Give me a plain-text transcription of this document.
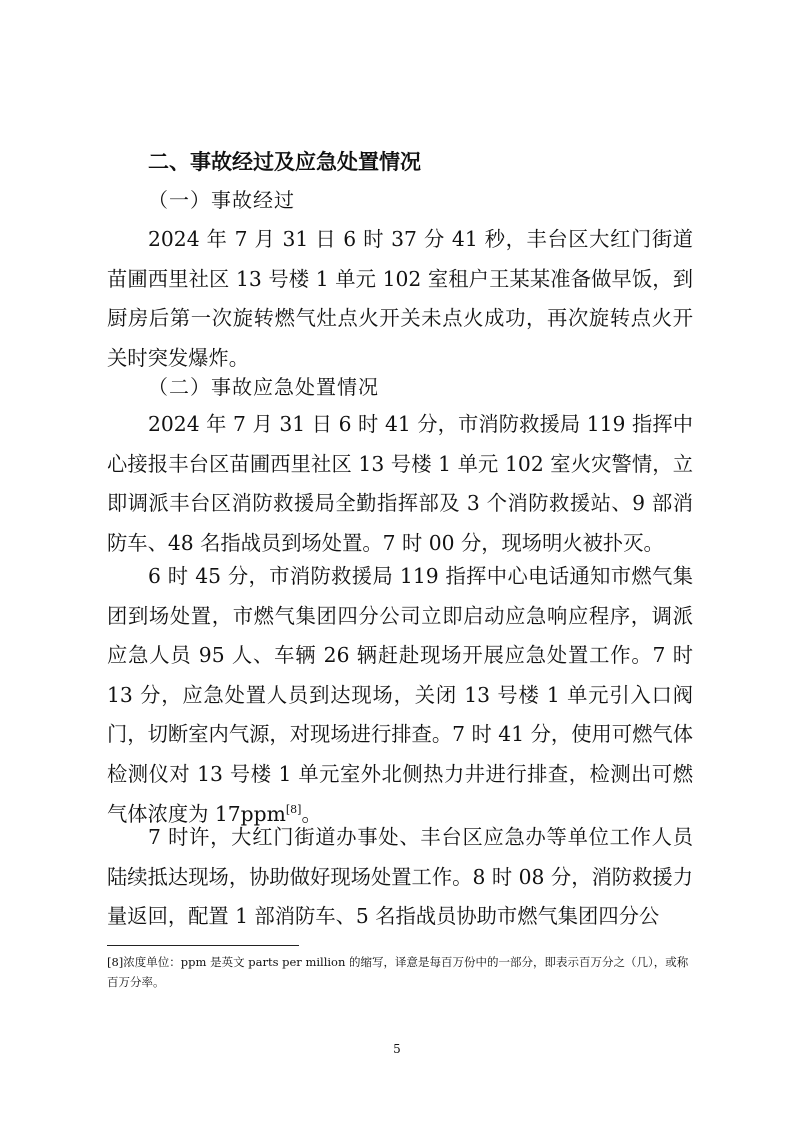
二、事故经过及应急处置情况
（一）事故经过

2024 年 7 月 31 日 6 时 37 分 41 秒，丰台区大红门街道苗圃西里社区 13 号楼 1 单元 102 室租户王某某准备做早饭，到厨房后第一次旋转燃气灶点火开关未点火成功，再次旋转点火开关时突发爆炸。

（二）事故应急处置情况

2024 年 7 月 31 日 6 时 41 分，市消防救援局 119 指挥中心接报丰台区苗圃西里社区 13 号楼 1 单元 102 室火灾警情，立即调派丰台区消防救援局全勤指挥部及 3 个消防救援站、9 部消防车、48 名指战员到场处置。7 时 00 分，现场明火被扑灭。

6 时 45 分，市消防救援局 119 指挥中心电话通知市燃气集团到场处置，市燃气集团四分公司立即启动应急响应程序，调派应急人员 95 人、车辆 26 辆赶赴现场开展应急处置工作。7 时 13 分，应急处置人员到达现场，关闭 13 号楼 1 单元引入口阀门，切断室内气源，对现场进行排查。7 时 41 分，使用可燃气体检测仪对 13 号楼 1 单元室外北侧热力井进行排查，检测出可燃气体浓度为 17ppm[8]。

7 时许，大红门街道办事处、丰台区应急办等单位工作人员陆续抵达现场，协助做好现场处置工作。8 时 08 分，消防救援力量返回，配置 1 部消防车、5 名指战员协助市燃气集团四分公

[8]浓度单位：ppm 是英文 parts per million 的缩写，译意是每百万份中的一部分，即表示百万分之（几），或称百万分率。

5
